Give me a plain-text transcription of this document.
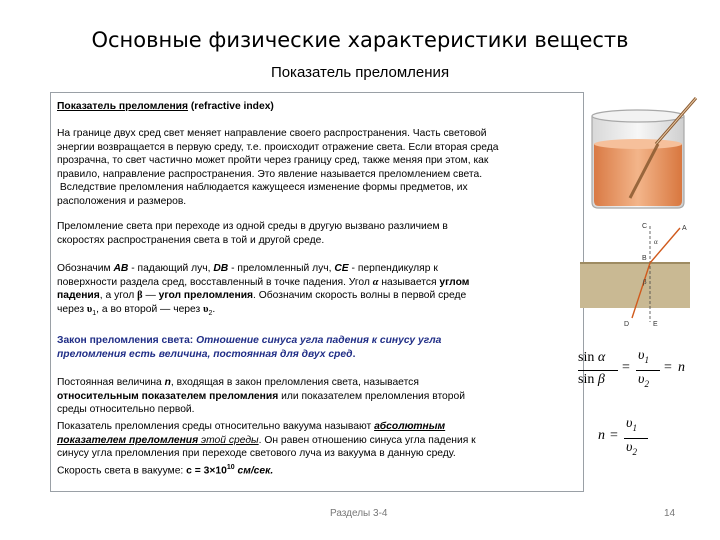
Основные физические характеристики веществ
Показатель преломления
Показатель преломления (refractive index)
На границе двух сред свет меняет направление своего распространения. Часть световой
энергии возвращается в первую среду, т.е. происходит отражение света. Если вторая среда
прозрачна, то свет частично может пройти через границу сред, также меняя при этом, как
правило, направление распространения. Это явление называется преломлением света.
Вследствие преломления наблюдается кажущееся изменение формы предметов, их
расположения и размеров.
Преломление света при переходе из одной среды в другую вызвано различием в
скоростях распространения света в той и другой среде.
Обозначим АВ - падающий луч, DB - преломленный луч, CE - перпендикуляр к
поверхности раздела сред, восставленный в точке падения. Угол α называется углом
падения, а угол β — угол преломления. Обозначим скорость волны в первой среде
через $\upsilon_1$, а во второй — через $\upsilon_2$.
Закон преломления света: Отношение синуса угла падения к синусу угла
преломления есть величина, постоянная для двух сред.
Постоянная величина n, входящая в закон преломления света, называется
относительным показателем преломления или показателем преломления второй
среды относительно первой.
Показатель преломления среды относительно вакуума называют абсолютным
показателем преломления этой среды. Он равен отношению синуса угла падения к
синусу угла преломления при переходе светового луча из вакуума в данную среду.
Скорость света в вакууме: $с = 3\times 10^{10}$ см/сек.
C	A
B
D	E
α
β
sin α
sin β
=
$\upsilon_1$
$\upsilon_2$
= n
n =
$\upsilon_1$
$\upsilon_2$
Разделы 3-4	14
